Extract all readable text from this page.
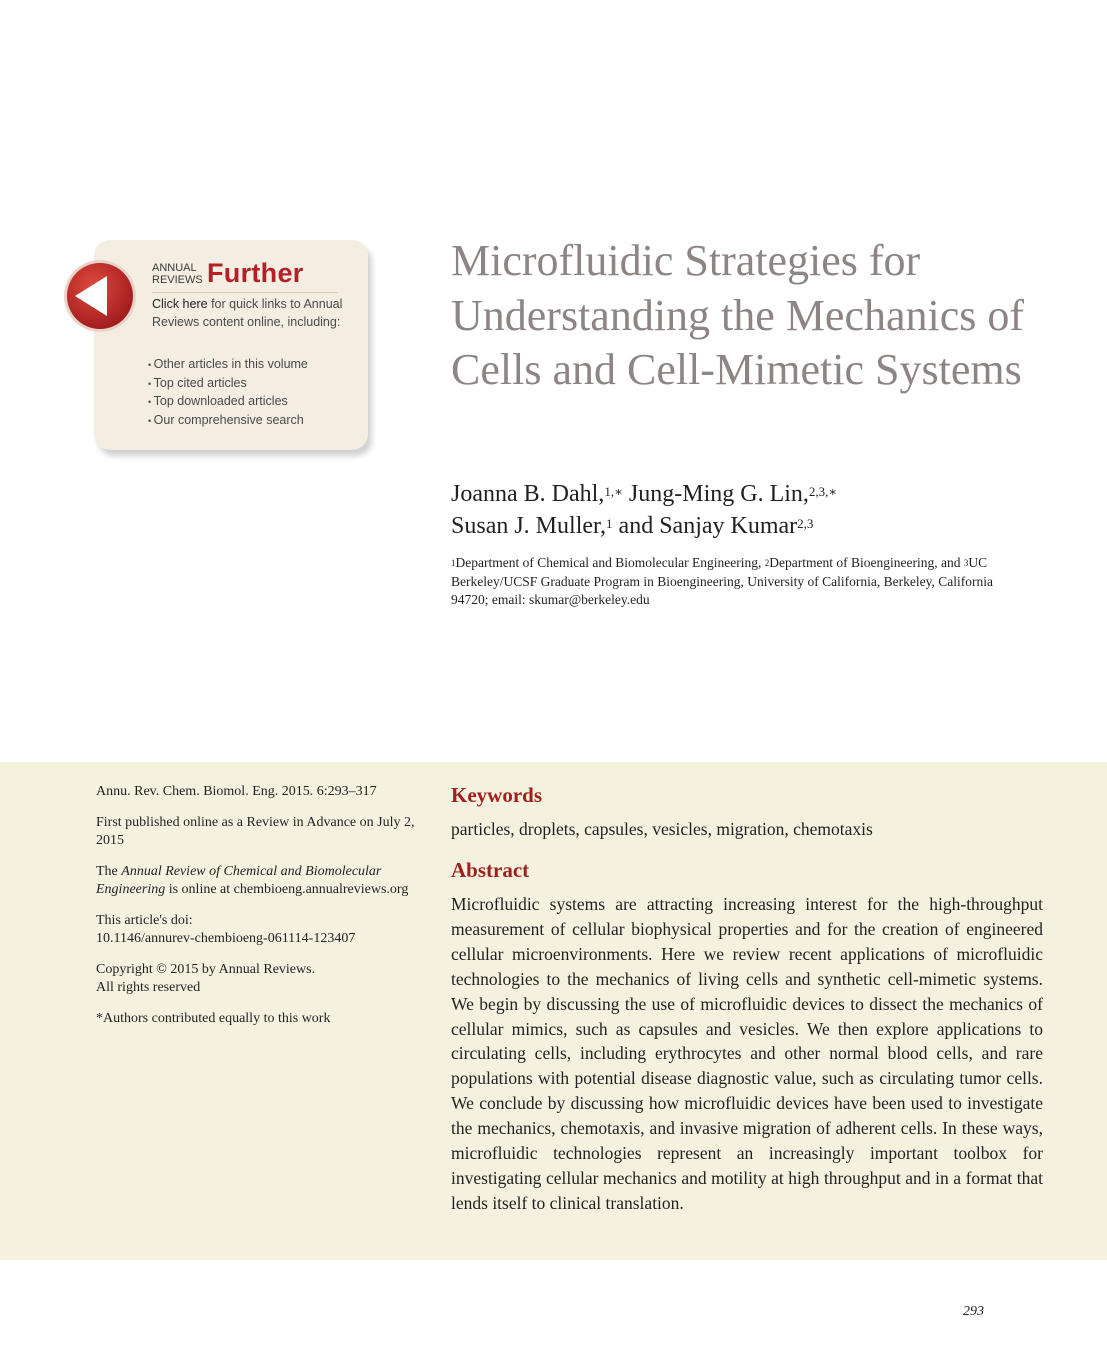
ANNUAL
REVIEWS Further
Click here for quick links to Annual Reviews content online, including:
• Other articles in this volume
• Top cited articles
• Top downloaded articles
• Our comprehensive search
Microfluidic Strategies for Understanding the Mechanics of Cells and Cell-Mimetic Systems
Joanna B. Dahl,$^{1,∗}$ Jung-Ming G. Lin,$^{2,3,∗}$
Susan J. Muller,$^1$ and Sanjay Kumar$^{2,3}$
$^1$Department of Chemical and Biomolecular Engineering, $^2$Department of Bioengineering, and $^3$UC Berkeley/UCSF Graduate Program in Bioengineering, University of California, Berkeley, California 94720; email: skumar@berkeley.edu

Annu. Rev. Chem. Biomol. Eng. 2015. 6:293–317

First published online as a Review in Advance on July 2, 2015

The Annual Review of Chemical and Biomolecular Engineering is online at chembioeng.annualreviews.org

This article's doi:
10.1146/annurev-chembioeng-061114-123407

Copyright © 2015 by Annual Reviews.
All rights reserved

*Authors contributed equally to this work

Keywords
particles, droplets, capsules, vesicles, migration, chemotaxis
Abstract

Microfluidic systems are attracting increasing interest for the high-throughput measurement of cellular biophysical properties and for the creation of engineered cellular microenvironments. Here we review recent applications of microfluidic technologies to the mechanics of living cells and synthetic cell-mimetic systems. We begin by discussing the use of microfluidic devices to dissect the mechanics of cellular mimics, such as capsules and vesicles. We then explore applications to circulating cells, including erythrocytes and other normal blood cells, and rare populations with potential disease diagnostic value, such as circulating tumor cells. We conclude by discussing how microfluidic devices have been used to investigate the mechanics, chemotaxis, and invasive migration of adherent cells. In these ways, microfluidic technologies represent an increasingly important toolbox for investigating cellular mechanics and motility at high throughput and in a format that lends itself to clinical translation.

293
